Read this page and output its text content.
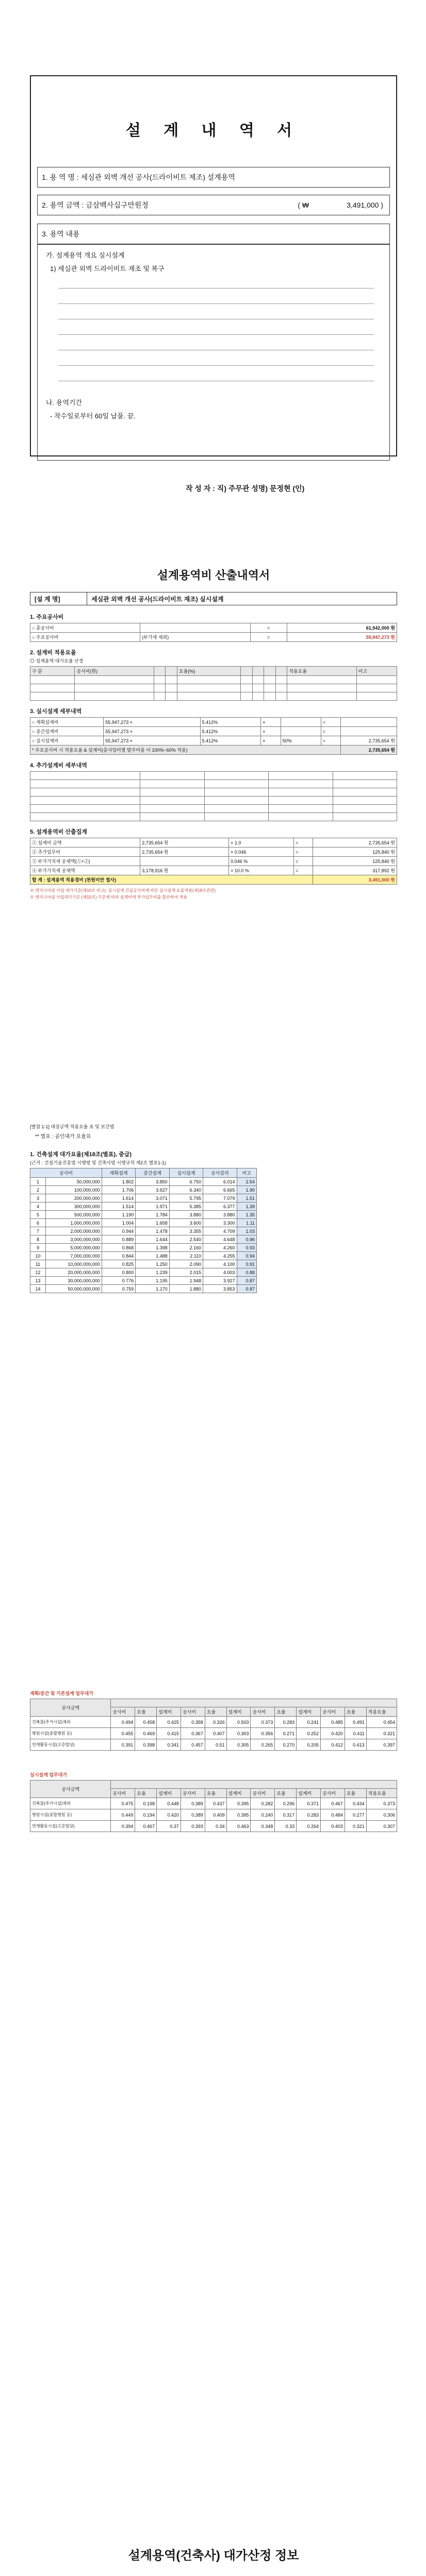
설 계 내 역 서
1. 용 역 명 : 세심관 외벽 개선 공사(드라이비트 제조) 설계용역
2. 용역 금액 : 금삼백사십구만원정	( ₩	3,491,000 )
3. 용역 내용
가. 설계용역 개요 실시설계
1) 세심관 외벽 드라이비트 재조 및 복구
나. 용역기간
- 착수일로부터 60일 납품. 끝.
작 성 자 : 직) 주무관 성명) 문정현 (인)
설계용역비 산출내역서
[설 계 명]	세심관 외벽 개선 공사(드라이비트 재조) 실시설계
1. 주요공사비
○ 총공사비		=	61,542,000 원
○ 주요공사비	(부가세 제외)	=	55,947,273 원
2. 설계비 적용요율
◎ 설계용역 대가요율 산정
구 분	공사비(원)			요율(%)					적용요율	비고

3. 실시설계 세부내역
○ 계획설계비	55,947,273 ×	5.412%	×		=	
○ 중간설계비	55,947,273 ×	5.412%	×		=	
○ 실시설계비	55,947,273 ×	5.412%	×	50%	=	2,735,654 원
* 주요공사비 시 적용요율 & 설계비(총사업비별 발주비용 이 100%~60% 적용)						2,735,654 원
4. 추가설계비 세부내역

5. 설계용역비 산출집계
① 설계비 금액	2,735,654 원	× 1.0	=	2,735,654 원
② 추가업무비	2,735,654 원	× 0.046	=	125,840 원
③ 부가가치세 공제액(①+②)		0.046 %	=	125,840 원
④ 부가가치세 공제액	3,178,916 원	× 10.0 %	=	317,892 원
합 계 : 설계용역 적용경비 (천원미만 절사)				3,491,000 원
※ 엔지니어링 사업 대가기준(제10조 비고): 실시설계 건설공사비에 따른 실시설계 요율적용(제18조관련)
※ 엔지니어링 사업대가기준 (제10조) 기준에 따라 설계비에 추가업무비를 합산하여 적용
[별첨 1-1] 대상금액 적용요율 표 및 보간법
** 별표 : 공인대가 요율표
1. 건축설계 대가요율(제18조(별표), 중급)
(근거 : 건설기술진흥법 시행령 및 건축사법 시행규칙 제2조 별표1-1)
공사비		계획설계	중간설계	실시설계	공사감리	비고
1	50,000,000	1.802	3.850	6.750	6.014	2.54
2	100,000,000	1.706	3.627	6.340	6.665	1.90
3	200,000,000	1.614	3.071	5.795	7.079	1.51
4	300,000,000	1.514	1.971	5.385	6.377	1.39
5	500,000,000	1.190	1.784	3.880	3.880	1.35
6	1,000,000,000	1.004	1.658	3.600	3.300	1.11
7	2,000,000,000	0.944	1.478	3.355	4.709	1.03
8	3,000,000,000	0.889	1.644	2.540	4.648	0.96
9	5,000,000,000	0.868	1.398	2.160	4.260	0.93
10	7,000,000,000	0.844	1.488	2.110	4.255	0.94
11	10,000,000,000	0.825	1.250	2.090	4.100	0.91
12	20,000,000,000	0.800	1.239	2.015	4.003	0.88
13	30,000,000,000	0.776	1.195	1.948	3.927	0.87
14	50,000,000,000	0.759	1.170	1.880	3.853	0.87
계획/중간 및 기본설계 업무대가
공사금액												
	공사비	요율	설계비	공사비	요율	설계비	공사비	요율	설계비	공사비	요율	적용요율
건축물(주거시설)제외	0.494	0.458	0.425	0.358	0.326	0.503	0.373	0.283	0.241	0.485	0.491	0.454
병원시설(종합병원 등)	0.455	0.469	0.415	0.367	0.407	0.303	0.356	0.271	0.252	0.420	0.411	0.321
연계활동시설(고층빌딩)	0.391	0.398	0.341	0.457	0.51	0.305	0.265	0.270	0.205	0.412	0.413	0.397
실시설계 업무대가
공사금액												
	공사비	요율	설계비	공사비	요율	설계비	공사비	요율	설계비	공사비	요율	적용요율
건축물(주거시설)제외	0.475	0.198	0.448	0.389	0.437	0.395	0.282	0.296	0.371	0.467	0.434	0.373
병원시설(종합병원 등)	0.449	0.194	0.420	0.389	0.409	0.395	0.240	0.317	0.283	0.484	0.277	0.306
연계활동시설(고층빌딩)	0.394	0.467	0.37	0.393	0.34	0.463	0.348	0.33	0.264	0.403	0.321	0.307
설계용역(건축사) 대가산정 정보
